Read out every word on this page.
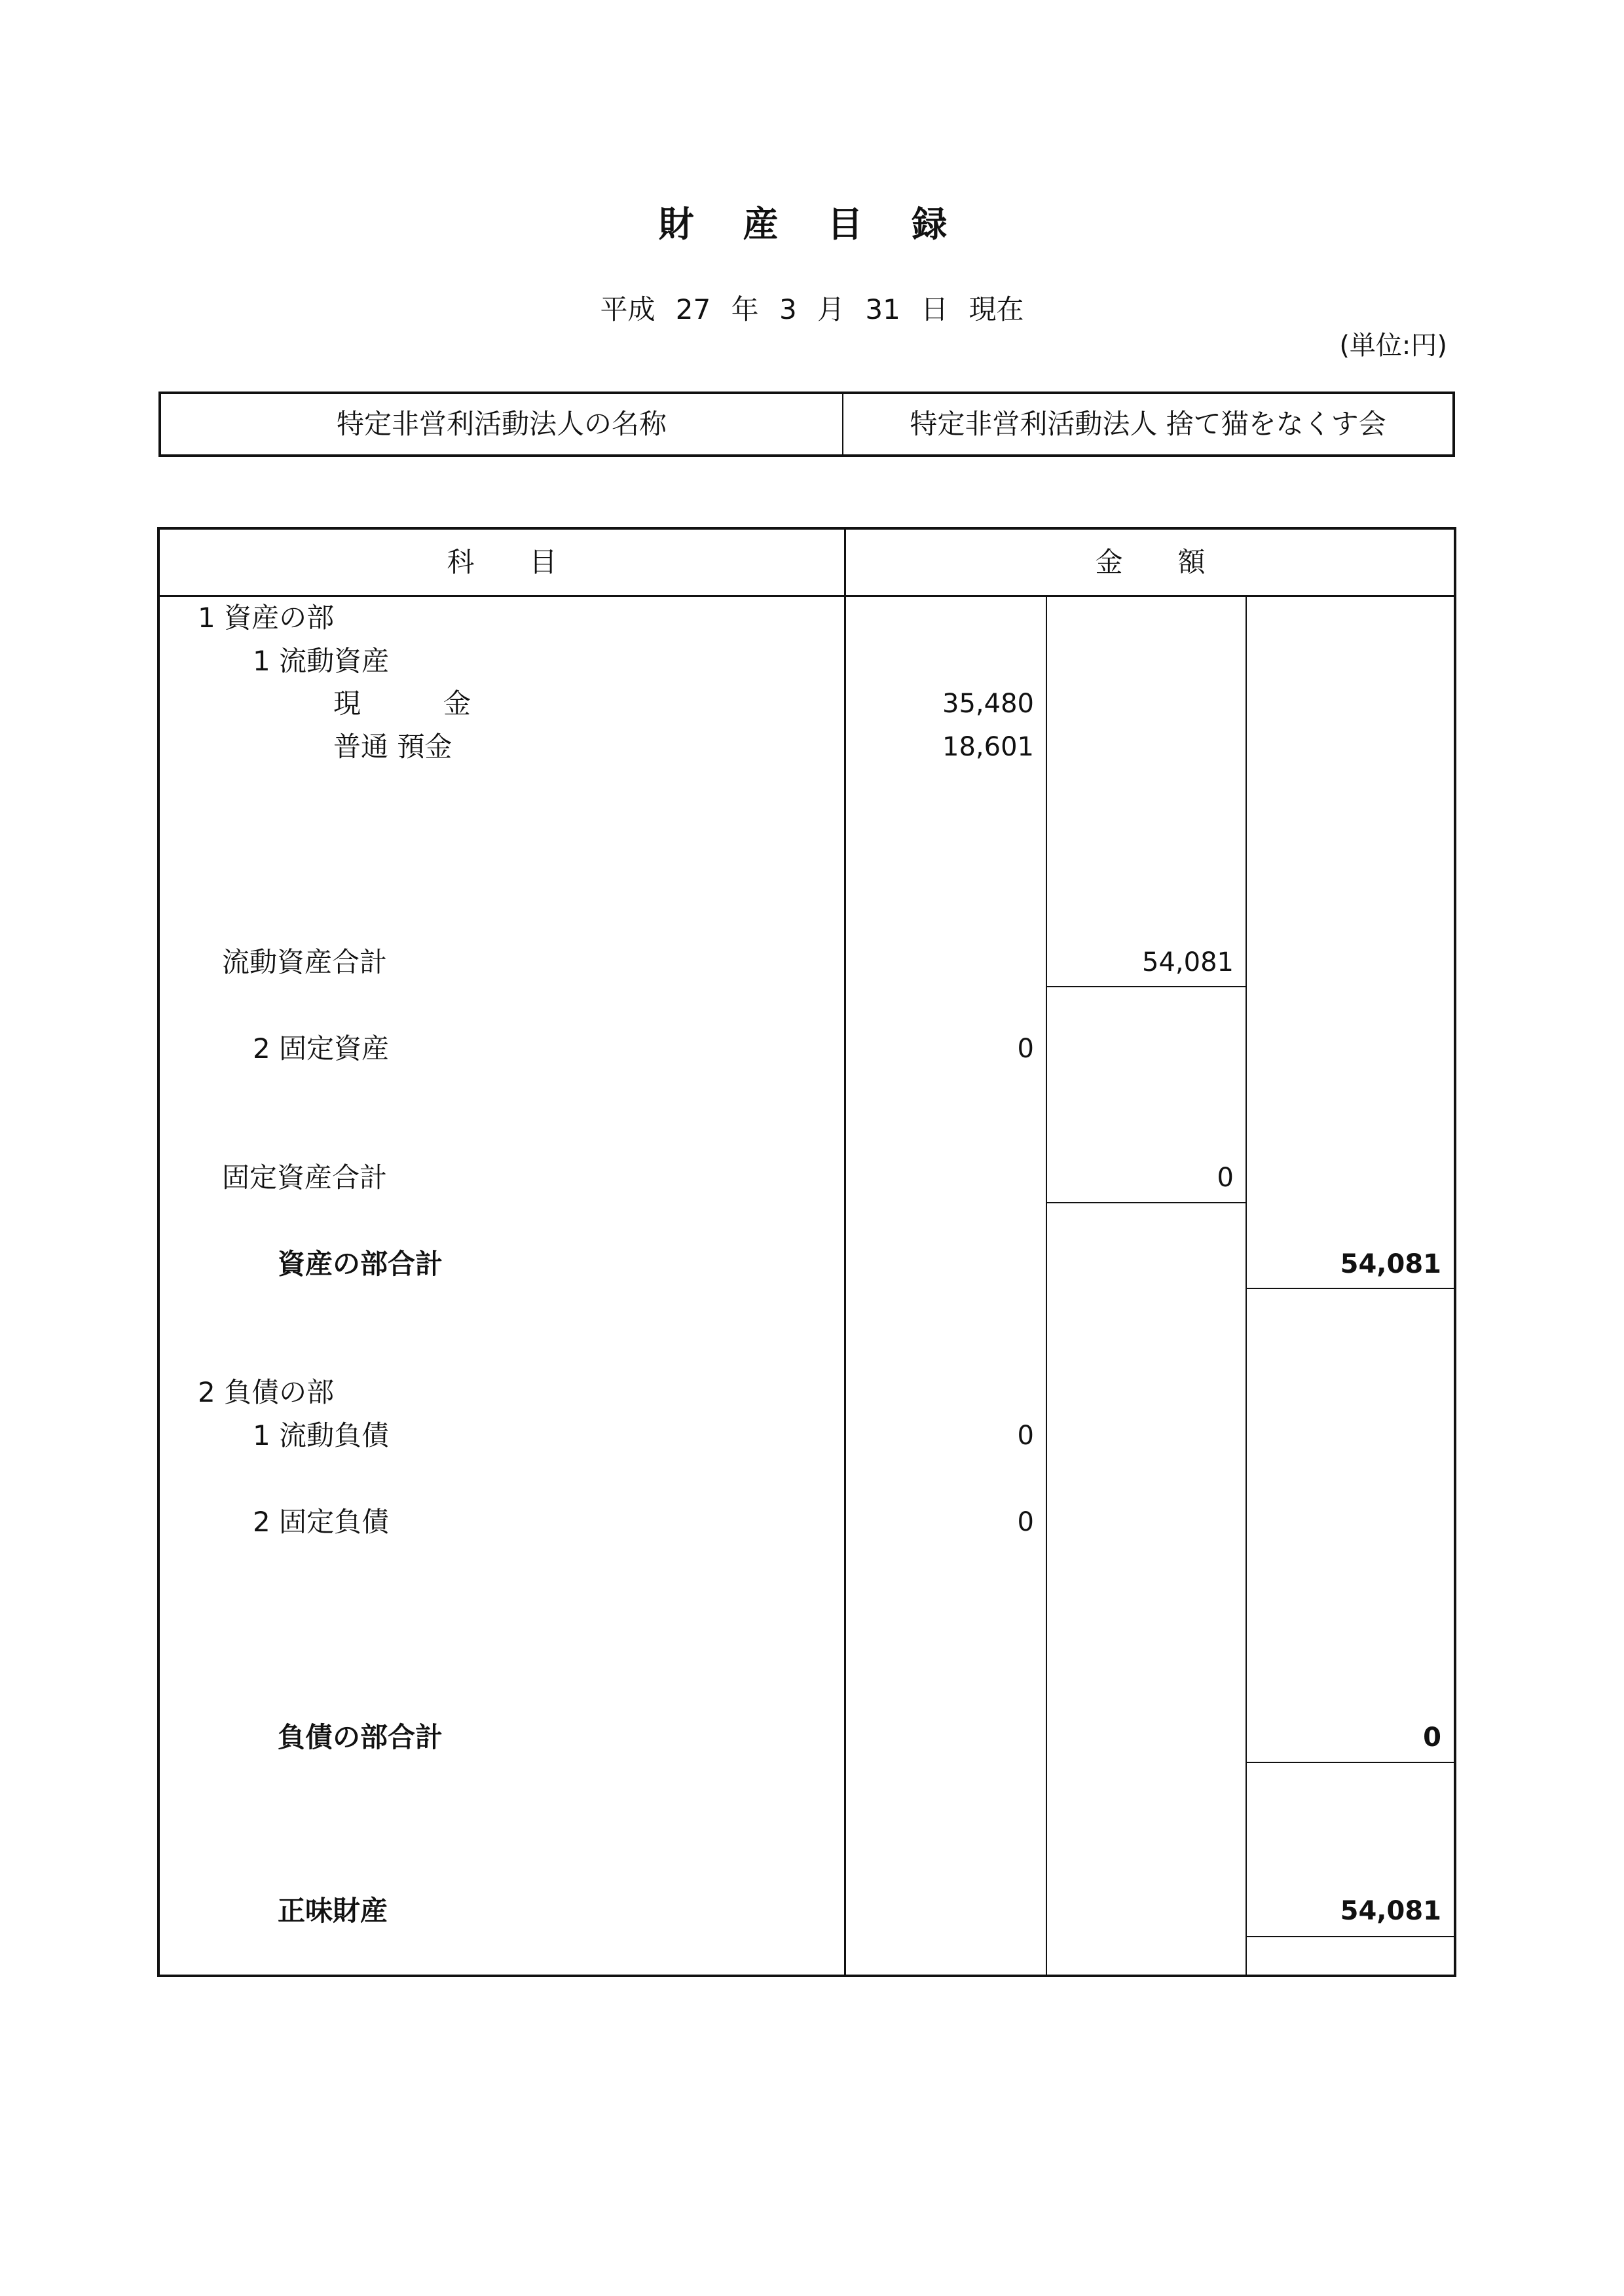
財 産 目 録
平成 27 年 3 月 31 日 現在
(単位:円)
特定非営利活動法人の名称	特定非営利活動法人 捨て猫をなくす会
科　　目	金　　額
1 資産の部
1 流動資産
現　　　金	35,480
普通 預金	18,601
流動資産合計	54,081
2 固定資産	0
固定資産合計	0
資産の部合計	54,081
2 負債の部
1 流動負債	0
2 固定負債	0
負債の部合計	0
正味財産	54,081
